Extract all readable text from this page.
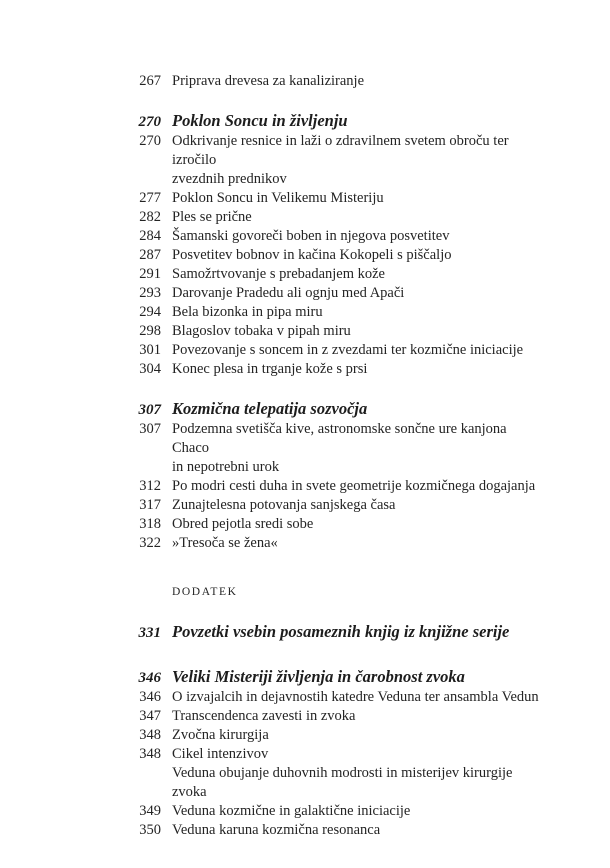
267 Priprava drevesa za kanaliziranje
270 Poklon Soncu in življenju
270 Odkrivanje resnice in laži o zdravilnem svetem obroču ter izročilo
zvezdnih prednikov
277 Poklon Soncu in Velikemu Misteriju
282 Ples se prične
284 Šamanski govoreči boben in njegova posvetitev
287 Posvetitev bobnov in kačina Kokopeli s piščaljo
291 Samožrtvovanje s prebadanjem kože
293 Darovanje Pradedu ali ognju med Apači
294 Bela bizonka in pipa miru
298 Blagoslov tobaka v pipah miru
301 Povezovanje s soncem in z zvezdami ter kozmične iniciacije
304 Konec plesa in trganje kože s prsi
307 Kozmična telepatija sozvočja
307 Podzemna svetišča kive, astronomske sončne ure kanjona Chaco
in nepotrebni urok
312 Po modri cesti duha in svete geometrije kozmičnega dogajanja
317 Zunajtelesna potovanja sanjskega časa
318 Obred pejotla sredi sobe
322 »Tresoča se žena«
DODATEK
331 Povzetki vsebin posameznih knjig iz knjižne serije
346 Veliki Misteriji življenja in čarobnost zvoka
346 O izvajalcih in dejavnostih katedre Veduna ter ansambla Vedun
347 Transcendenca zavesti in zvoka
348 Zvočna kirurgija
348 Cikel intenzivov
Veduna obujanje duhovnih modrosti in misterijev kirurgije zvoka
349 Veduna kozmične in galaktične iniciacije
350 Veduna karuna kozmična resonanca
